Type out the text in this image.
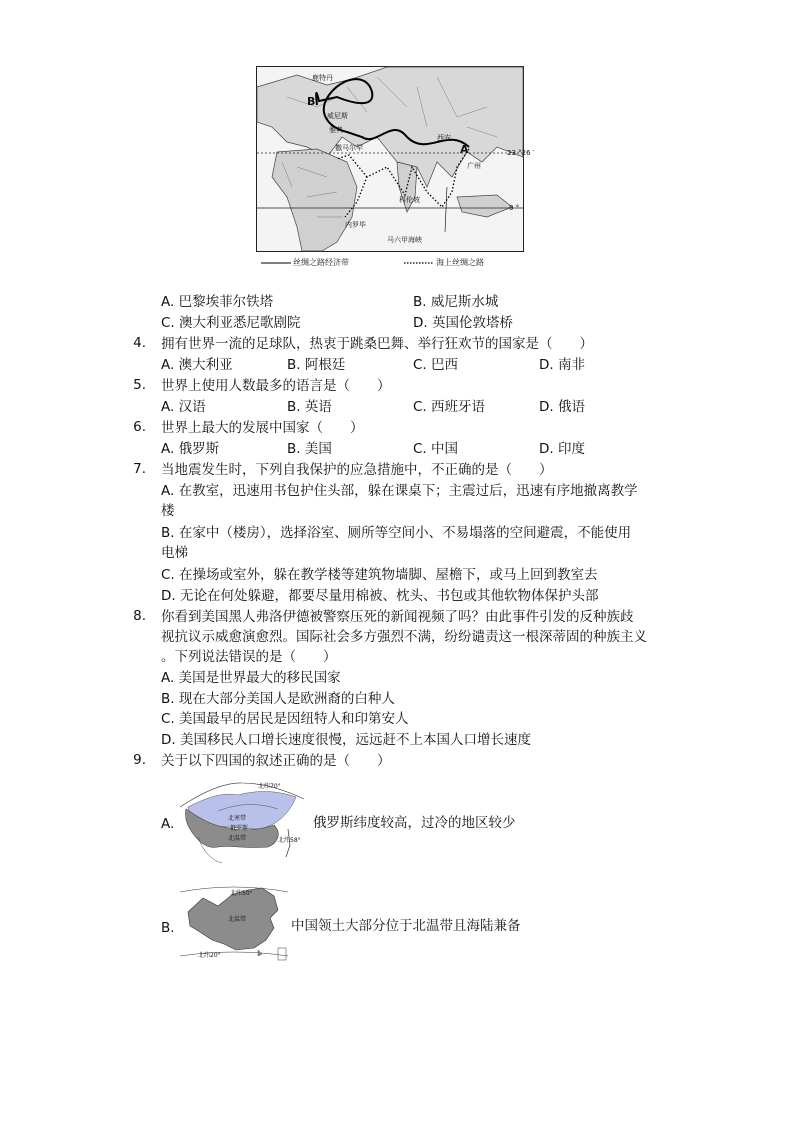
鹿特丹
B
威尼斯
雅典
撒马尔罕
西安
A
广州
23 °26 ′
科伦坡
0 °
内罗毕
马六甲海峡
丝绸之路经济带	海上丝绸之路
A. 巴黎埃菲尔铁塔	B. 威尼斯水城
C. 澳大利亚悉尼歌剧院	D. 英国伦敦塔桥
4. 拥有世界一流的足球队，热衷于跳桑巴舞、举行狂欢节的国家是（　　）
A. 澳大利亚	B. 阿根廷	C. 巴西	D. 南非
5. 世界上使用人数最多的语言是（　　）
A. 汉语	B. 英语	C. 西班牙语	D. 俄语
6. 世界上最大的发展中国家（　　）
A. 俄罗斯	B. 美国	C. 中国	D. 印度
7. 当地震发生时，下列自我保护的应急措施中，不正确的是（　　）
A. 在教室，迅速用书包护住头部，躲在课桌下；主震过后，迅速有序地撤离教学
楼
B. 在家中（楼房），选择浴室、厕所等空间小、不易塌落的空间避震，不能使用
电梯
C. 在操场或室外，躲在教学楼等建筑物墙脚、屋檐下，或马上回到教室去
D. 无论在何处躲避，都要尽量用棉被、枕头、书包或其他软物体保护头部
8. 你看到美国黑人弗洛伊德被警察压死的新闻视频了吗？由此事件引发的反种族歧
视抗议示威愈演愈烈。国际社会多方强烈不满，纷纷谴责这一根深蒂固的种族主义
。下列说法错误的是（　　）
A. 美国是世界最大的移民国家
B. 现在大部分美国人是欧洲裔的白种人
C. 美国最早的居民是因纽特人和印第安人
D. 美国移民人口增长速度很慢，远远赶不上本国人口增长速度
9. 关于以下四国的叙述正确的是（　　）
A.
北纬70°
北寒带
俄罗斯
北温带	北纬58°
俄罗斯纬度较高，过冷的地区较少
B.
北纬50°
北温带
北纬20°
中国领土大部分位于北温带且海陆兼备
